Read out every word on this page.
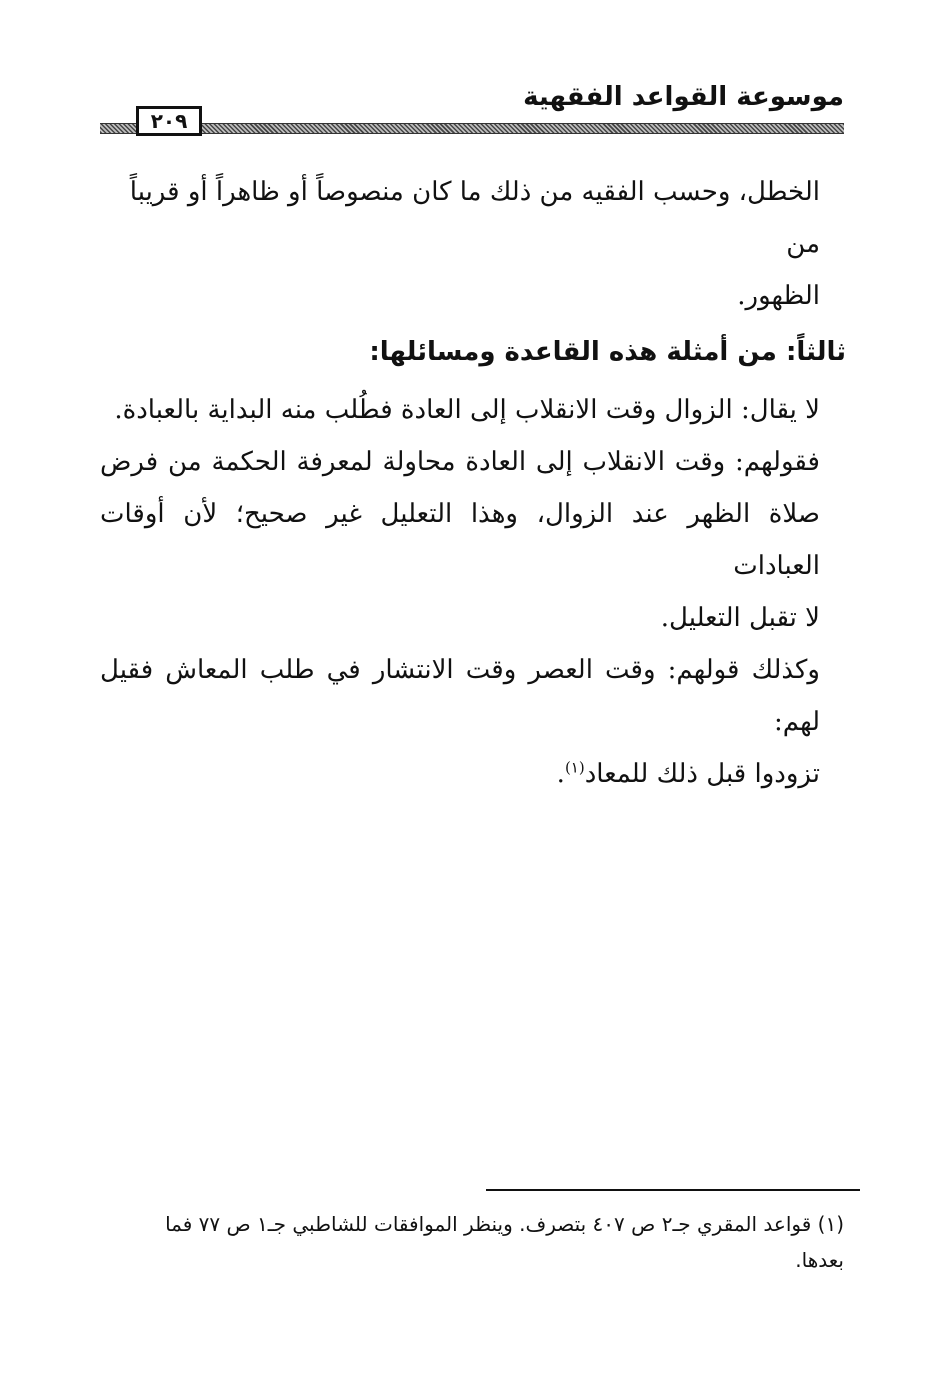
موسوعة القواعد الفقهية
٢٠٩

الخطل، وحسب الفقيه من ذلك ما كان منصوصاً أو ظاهراً أو قريباً من

الظهور.

ثالثاً: من أمثلة هذه القاعدة ومسائلها:

لا يقال: الزوال وقت الانقلاب إلى العادة فطُلب منه البداية بالعبادة.

فقولهم: وقت الانقلاب إلى العادة محاولة لمعرفة الحكمة من فرض صلاة الظهر عند الزوال، وهذا التعليل غير صحيح؛ لأن أوقات العبادات

لا تقبل التعليل.

وكذلك قولهم: وقت العصر وقت الانتشار في طلب المعاش فقيل لهم:

تزودوا قبل ذلك للمعاد$^{(١)}$.

(١) قواعد المقري جـ٢ ص ٤٠٧ بتصرف. وينظر الموافقات للشاطبي جـ١ ص ٧٧ فما

بعدها.
